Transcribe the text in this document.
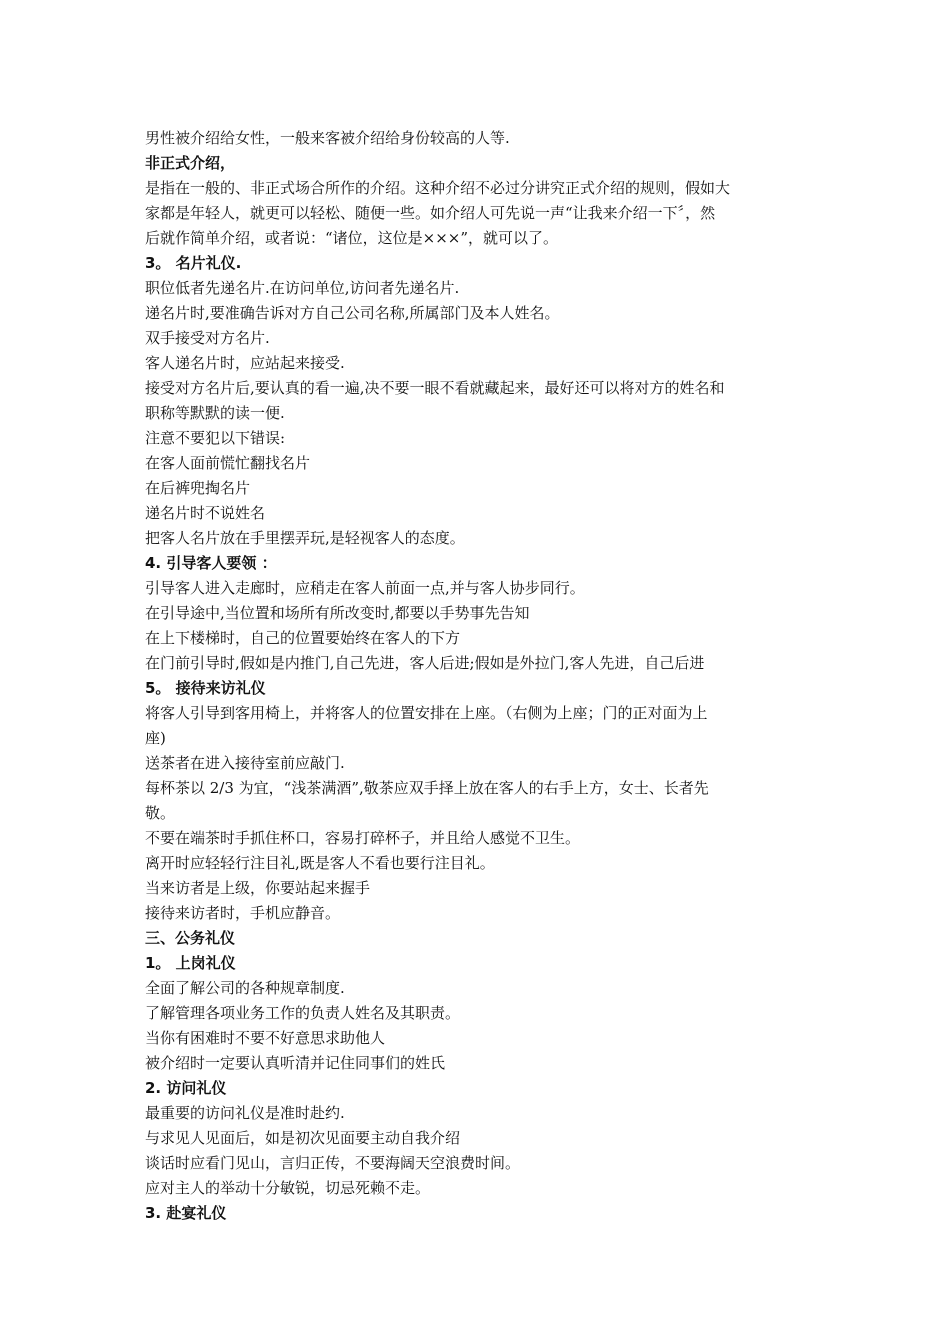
男性被介绍给女性，一般来客被介绍给身份较高的人等.
非正式介绍，
是指在一般的、非正式场合所作的介绍。这种介绍不必过分讲究正式介绍的规则，假如大
家都是年轻人，就更可以轻松、随便一些。如介绍人可先说一声“让我来介绍一下〞，然
后就作简单介绍，或者说：“诸位，这位是×××”，就可以了。
3。 名片礼仪.
职位低者先递名片.在访问单位,访问者先递名片.
递名片时,要准确告诉对方自己公司名称,所属部门及本人姓名。
双手接受对方名片.
客人递名片时，应站起来接受.
接受对方名片后,要认真的看一遍,决不要一眼不看就藏起来，最好还可以将对方的姓名和
职称等默默的读一便.
注意不要犯以下错误:
在客人面前慌忙翻找名片
在后裤兜掏名片
递名片时不说姓名
把客人名片放在手里摆弄玩,是轻视客人的态度。
4. 引导客人要领 ：
引导客人进入走廊时，应稍走在客人前面一点,并与客人协步同行。
在引导途中,当位置和场所有所改变时,都要以手势事先告知
在上下楼梯时，自己的位置要始终在客人的下方
在门前引导时,假如是内推门,自己先进，客人后进;假如是外拉门,客人先进，自己后进
5。 接待来访礼仪
将客人引导到客用椅上，并将客人的位置安排在上座。（右侧为上座；门的正对面为上
座)
送茶者在进入接待室前应敲门.
每杯茶以 2/3 为宜，“浅茶满酒”,敬茶应双手择上放在客人的右手上方，女士、长者先
敬。
不要在端茶时手抓住杯口，容易打碎杯子，并且给人感觉不卫生。
离开时应轻轻行注目礼,既是客人不看也要行注目礼。
当来访者是上级，你要站起来握手
接待来访者时，手机应静音。
三、公务礼仪
1。 上岗礼仪
全面了解公司的各种规章制度.
了解管理各项业务工作的负责人姓名及其职责。
当你有困难时不要不好意思求助他人
被介绍时一定要认真听清并记住同事们的姓氏
2. 访问礼仪
最重要的访问礼仪是准时赴约.
与求见人见面后，如是初次见面要主动自我介绍
谈话时应看门见山，言归正传，不要海阔天空浪费时间。
应对主人的举动十分敏锐，切忌死赖不走。
3. 赴宴礼仪
